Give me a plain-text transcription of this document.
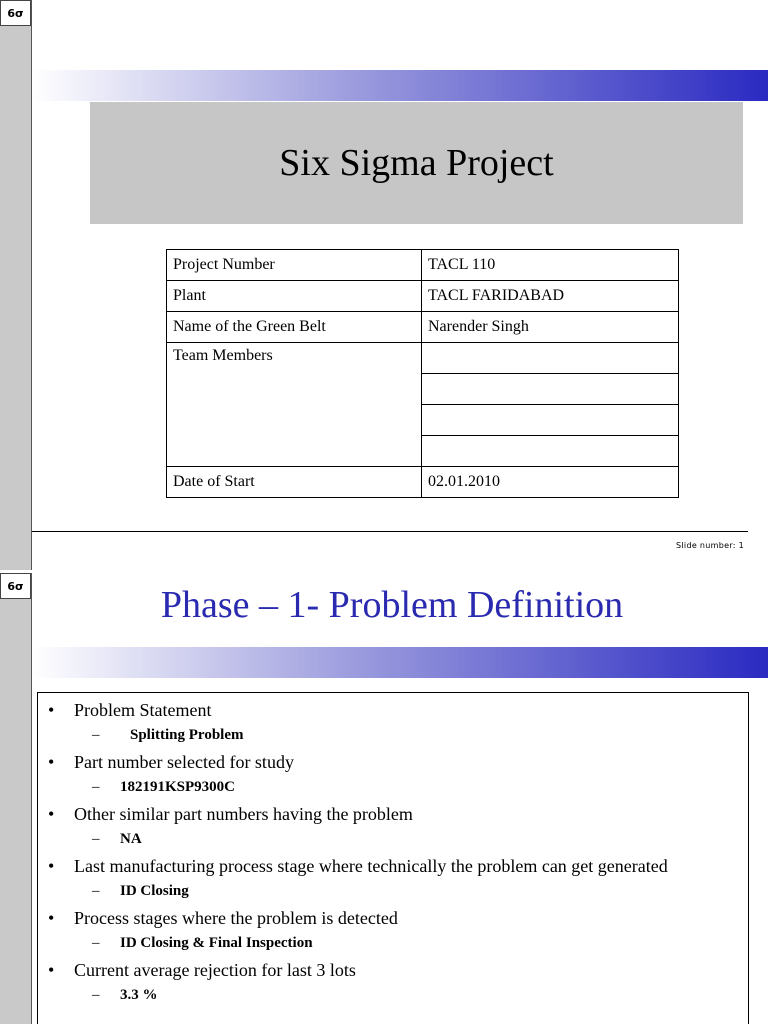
6σ
Six Sigma Project
Project Number	TACL 110
Plant	TACL FARIDABAD
Name of the Green Belt	Narender Singh
Team Members	

Date of Start	02.01.2010
Slide number: 1
6σ	Phase – 1- Problem Definition
• Problem Statement
– Splitting Problem
• Part number selected for study
– 182191KSP9300C
• Other similar part numbers having the problem
– NA
• Last manufacturing process stage where technically the problem can get generated
– ID Closing
• Process stages where the problem is detected
– ID Closing & Final Inspection
• Current average rejection for last 3 lots
– 3.3 %
